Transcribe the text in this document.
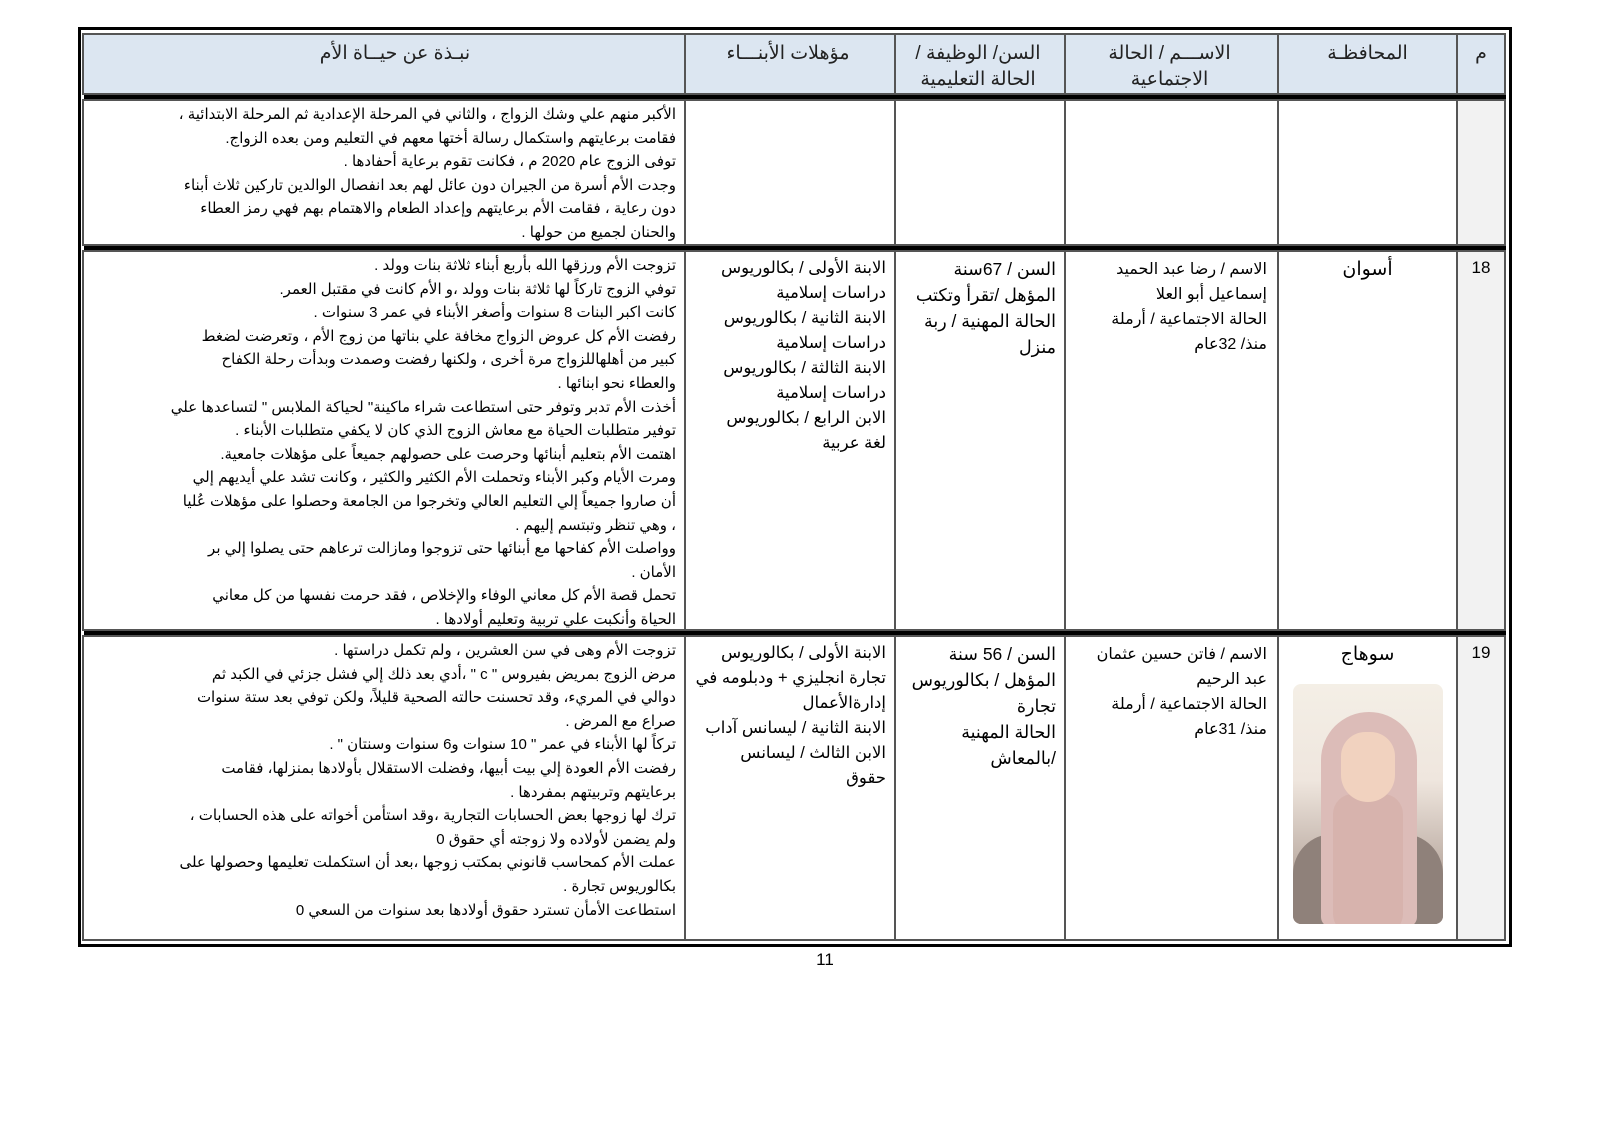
م
المحافظـة
الاســـم / الحالة
الاجتماعية
السن/ الوظيفة /
الحالة التعليمية
مؤهلات الأبنـــاء
نبـذة عن حيــاة الأم
الأكبر منهم علي وشك الزواج ، والثاني في المرحلة الإعدادية ثم المرحلة الابتدائية ،
فقامت برعايتهم واستكمال رسالة أختها معهم في التعليم ومن بعده الزواج.
توفى الزوج عام 2020 م ، فكانت تقوم برعاية أحفادها .
وجدت الأم أسرة من الجيران دون عائل لهم بعد انفصال الوالدين تاركين ثلاث أبناء
دون رعاية ، فقامت الأم برعايتهم وإعداد الطعام والاهتمام بهم فهي رمز العطاء
والحنان لجميع من حولها .
18
أسوان
الاسم / رضا عبد الحميد
إسماعيل أبو العلا
الحالة الاجتماعية / أرملة
منذ/ 32عام
السن / 67سنة
المؤهل /تقرأ وتكتب
الحالة المهنية / ربة
منزل
الابنة الأولى / بكالوريوس
دراسات إسلامية
الابنة الثانية / بكالوريوس
دراسات إسلامية
الابنة الثالثة / بكالوريوس
دراسات إسلامية
الابن الرابع / بكالوريوس
لغة عربية
تزوجت الأم ورزقها الله بأربع أبناء ثلاثة بنات وولد .
توفي الزوج تاركاً لها ثلاثة بنات وولد ،و الأم كانت في مقتبل العمر.
كانت اكبر البنات 8 سنوات وأصغر الأبناء في عمر 3 سنوات .
رفضت الأم كل عروض الزواج مخافة علي بناتها من زوج الأم ، وتعرضت لضغط
كبير من أهلهاللزواج مرة أخرى ، ولكنها رفضت وصمدت وبدأت رحلة الكفاح
والعطاء نحو ابنائها .
أخذت الأم تدبر وتوفر حتى استطاعت شراء ماكينة" لحياكة الملابس " لتساعدها علي
توفير متطلبات الحياة مع معاش الزوج الذي كان لا يكفي متطلبات الأبناء .
اهتمت الأم بتعليم أبنائها وحرصت على حصولهم جميعاً على مؤهلات جامعية.
ومرت الأيام وكبر الأبناء وتحملت الأم الكثير والكثير ، وكانت تشد علي أيديهم إلي
أن صاروا جميعاً إلي التعليم العالي وتخرجوا من الجامعة وحصلوا على مؤهلات عُليا
، وهي تنظر وتبتسم إليهم .
وواصلت الأم كفاحها مع أبنائها حتى تزوجوا ومازالت ترعاهم حتى يصلوا إلي بر
الأمان .
تحمل قصة الأم كل معاني الوفاء والإخلاص ، فقد حرمت نفسها من كل معاني
الحياة وأنكبت علي تربية وتعليم أولادها .
19
سوهاج
الاسم / فاتن حسين عثمان
عبد الرحيم
الحالة الاجتماعية / أرملة
منذ/ 31عام
السن / 56 سنة
المؤهل / بكالوريوس
تجارة
الحالة المهنية
/بالمعاش
الابنة الأولى / بكالوريوس
تجارة انجليزي + ودبلومه في
إدارةالأعمال
الابنة الثانية / ليسانس آداب
الابن الثالث / ليسانس
حقوق
تزوجت الأم وهى في سن العشرين ، ولم تكمل دراستها .
مرض الزوج بمريض بفيروس " c " ،أدي بعد ذلك إلي فشل جزئي في الكبد ثم
دوالي في المريء، وقد تحسنت حالته الصحية قليلاً، ولكن توفي بعد ستة سنوات
صراع مع المرض .
تركاً لها الأبناء في عمر " 10 سنوات و6 سنوات وسنتان " .
رفضت الأم العودة إلي بيت أبيها، وفضلت الاستقلال بأولادها بمنزلها، فقامت
برعايتهم وتربيتهم بمفردها .
ترك لها زوجها بعض الحسابات التجارية ،وقد استأمن أخواته على هذه الحسابات ،
ولم يضمن لأولاده ولا زوجته أي حقوق 0
عملت الأم كمحاسب قانوني بمكتب زوجها ،بعد أن استكملت تعليمها وحصولها على
بكالوريوس تجارة .
استطاعت الأمأن تسترد حقوق أولادها بعد سنوات من السعي 0
11
